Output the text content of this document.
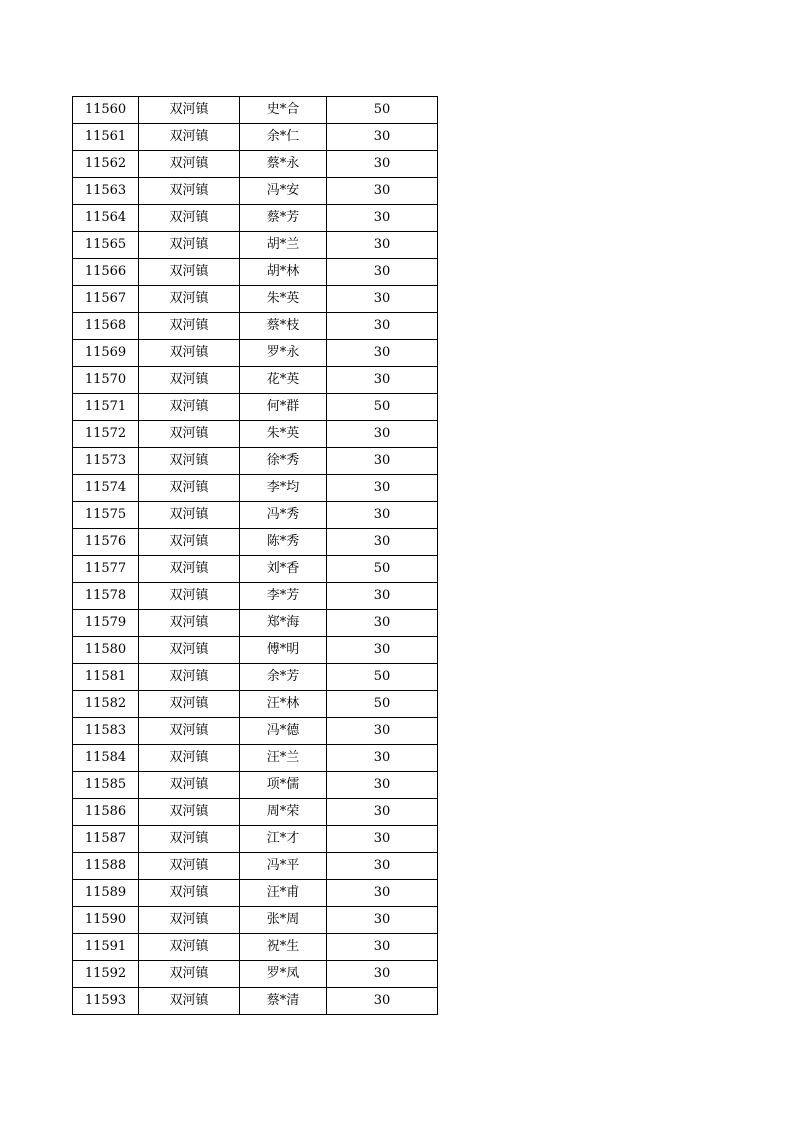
11560	双河镇	史*合	50
11561	双河镇	余*仁	30
11562	双河镇	蔡*永	30
11563	双河镇	冯*安	30
11564	双河镇	蔡*芳	30
11565	双河镇	胡*兰	30
11566	双河镇	胡*林	30
11567	双河镇	朱*英	30
11568	双河镇	蔡*枝	30
11569	双河镇	罗*永	30
11570	双河镇	花*英	30
11571	双河镇	何*群	50
11572	双河镇	朱*英	30
11573	双河镇	徐*秀	30
11574	双河镇	李*均	30
11575	双河镇	冯*秀	30
11576	双河镇	陈*秀	30
11577	双河镇	刘*香	50
11578	双河镇	李*芳	30
11579	双河镇	郑*海	30
11580	双河镇	傅*明	30
11581	双河镇	余*芳	50
11582	双河镇	汪*林	50
11583	双河镇	冯*德	30
11584	双河镇	汪*兰	30
11585	双河镇	项*儒	30
11586	双河镇	周*荣	30
11587	双河镇	江*才	30
11588	双河镇	冯*平	30
11589	双河镇	汪*甫	30
11590	双河镇	张*周	30
11591	双河镇	祝*生	30
11592	双河镇	罗*凤	30
11593	双河镇	蔡*清	30
